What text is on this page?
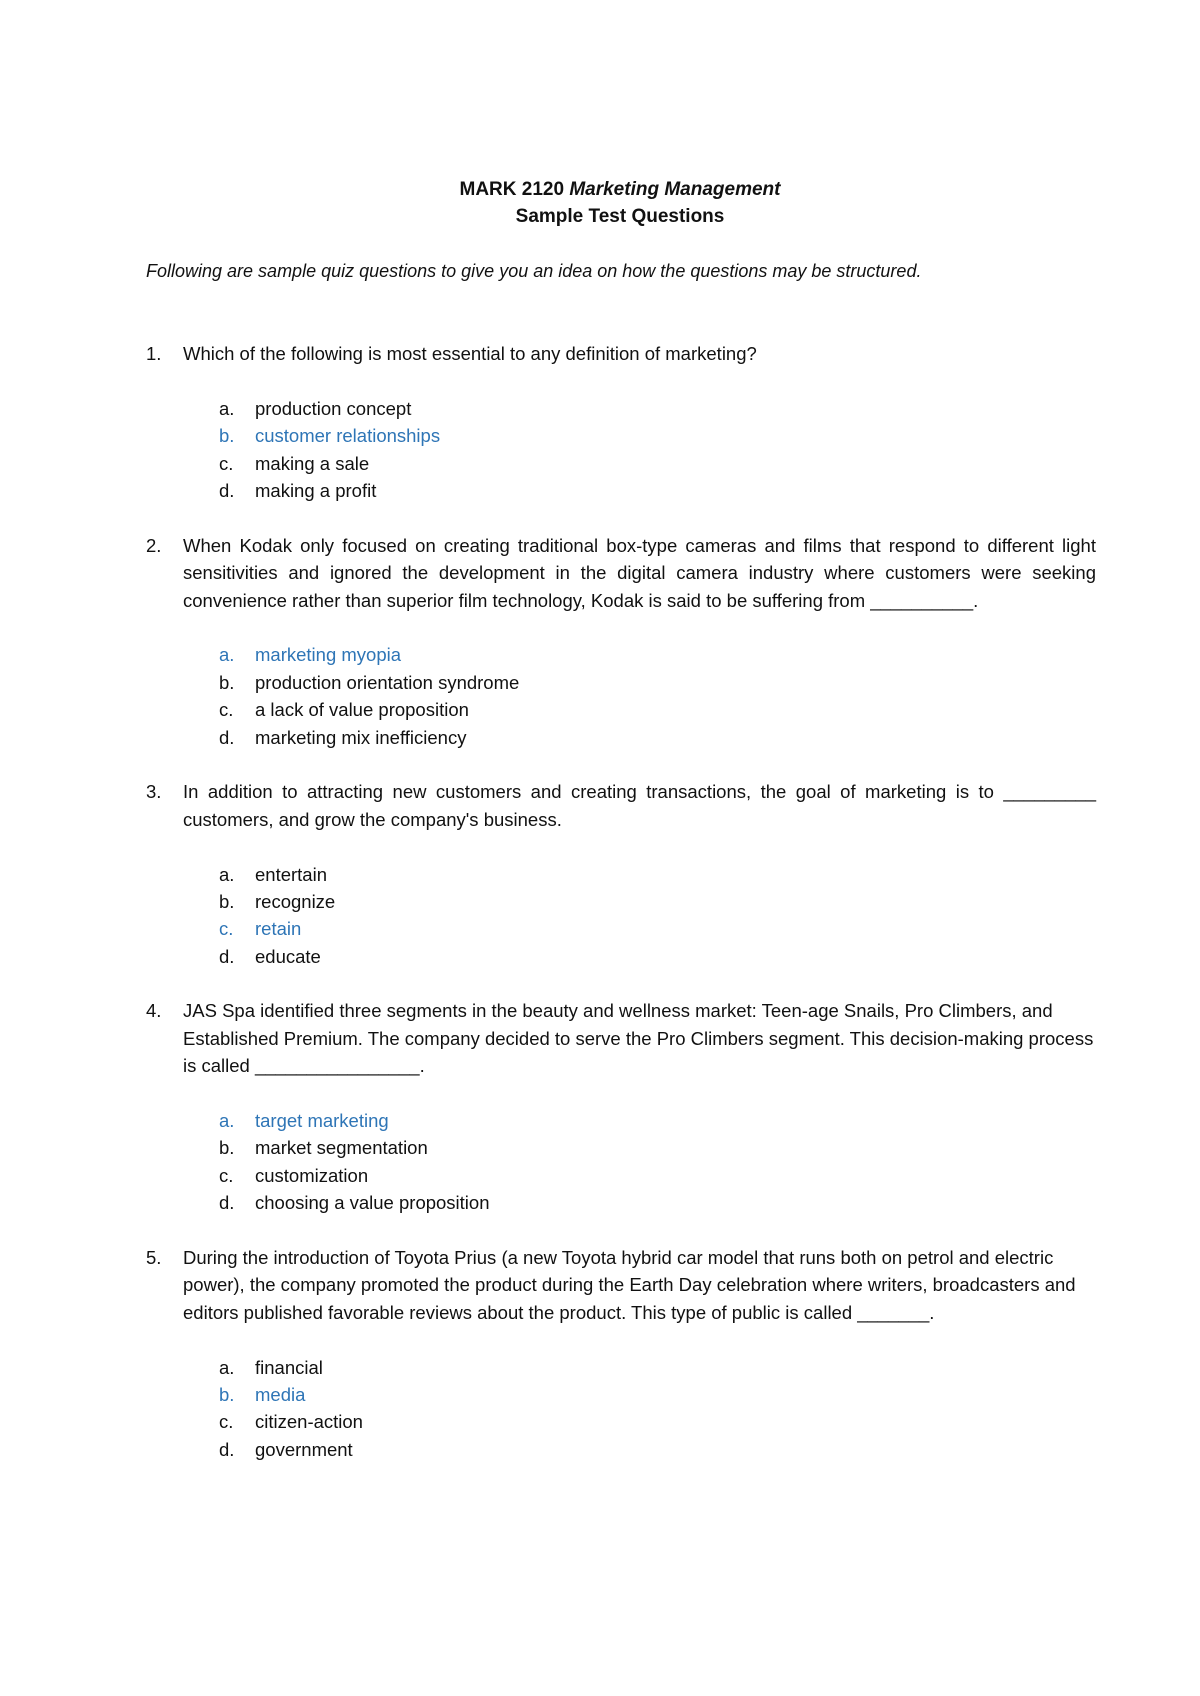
MARK 2120 Marketing Management
Sample Test Questions
Following are sample quiz questions to give you an idea on how the questions may be structured.
1. Which of the following is most essential to any definition of marketing?
a. production concept
b. customer relationships
c. making a sale
d. making a profit
2. When Kodak only focused on creating traditional box-type cameras and films that respond to different light sensitivities and ignored the development in the digital camera industry where customers were seeking convenience rather than superior film technology, Kodak is said to be suffering from __________.
a. marketing myopia
b. production orientation syndrome
c. a lack of value proposition
d. marketing mix inefficiency
3. In addition to attracting new customers and creating transactions, the goal of marketing is to _________ customers, and grow the company's business.
a. entertain
b. recognize
c. retain
d. educate
4. JAS Spa identified three segments in the beauty and wellness market: Teen-age Snails, Pro Climbers, and Established Premium. The company decided to serve the Pro Climbers segment. This decision-making process is called ________________.
a. target marketing
b. market segmentation
c. customization
d. choosing a value proposition
5. During the introduction of Toyota Prius (a new Toyota hybrid car model that runs both on petrol and electric power), the company promoted the product during the Earth Day celebration where writers, broadcasters and editors published favorable reviews about the product. This type of public is called _______.
a. financial
b. media
c. citizen-action
d. government
